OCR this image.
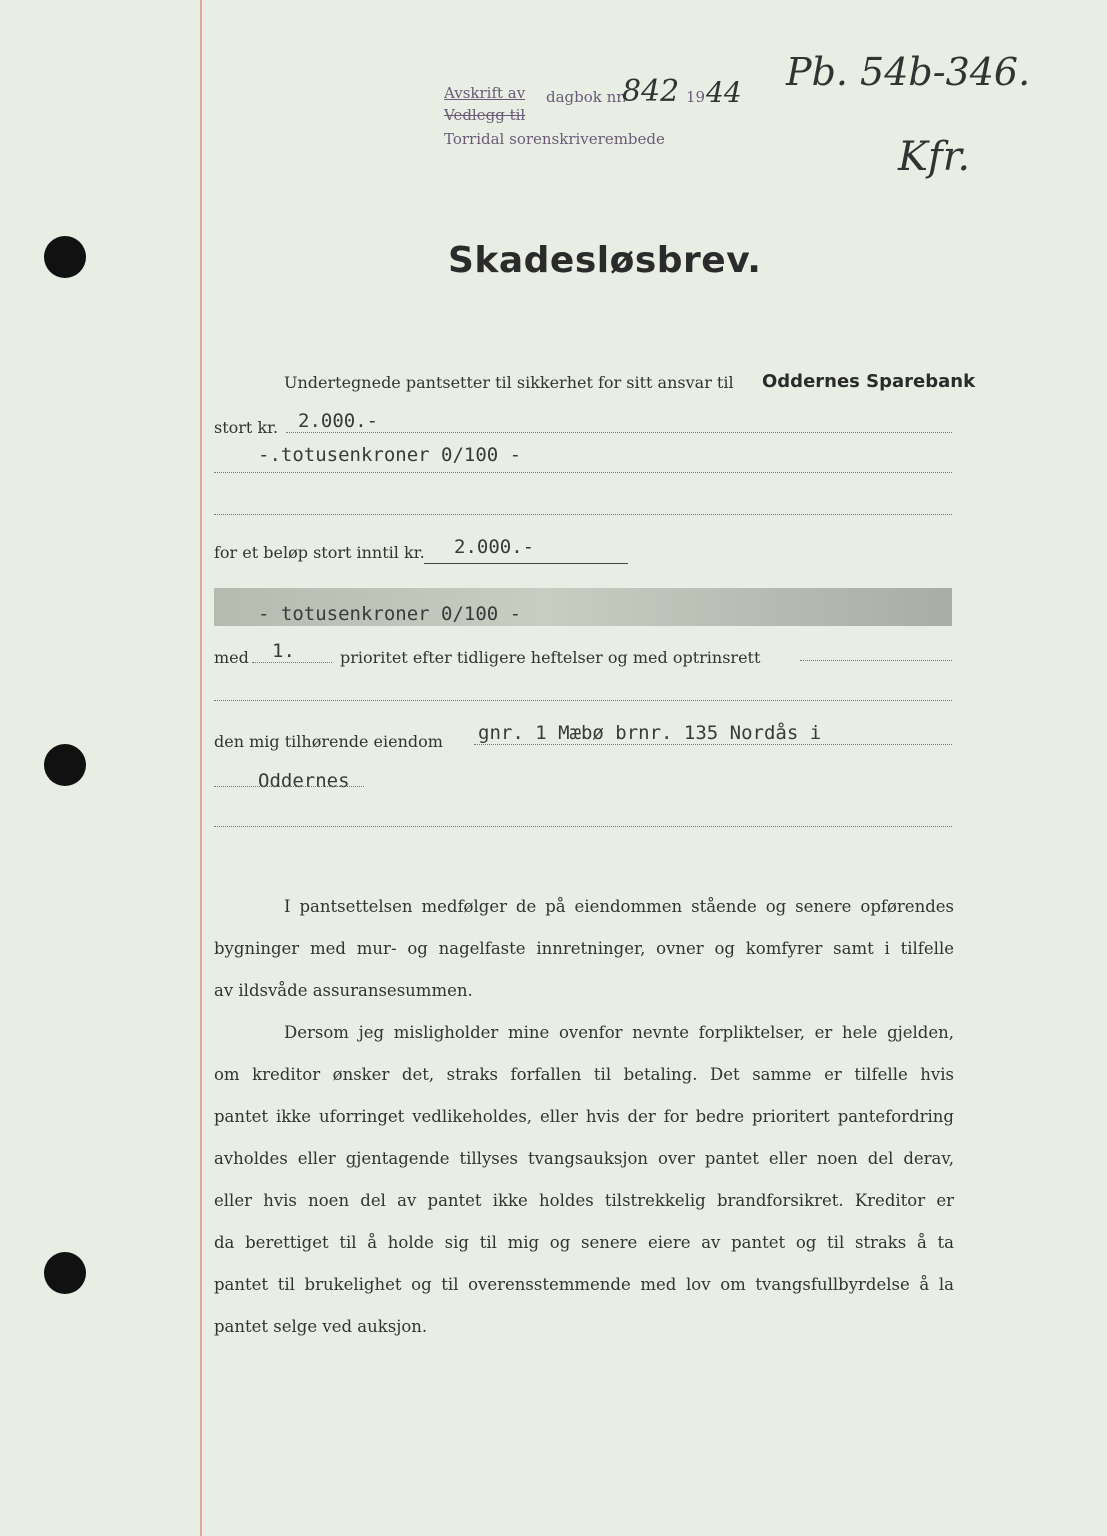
Avskrift av dagbok nr.
Vedlegg til
Torridal sorenskriverembede
842 19 44 Pb. 54b-346.
Kfr.
Skadesløsbrev.
Undertegnede pantsetter til sikkerhet for sitt ansvar til Oddernes Sparebank
stort kr. 2.000.-
-.totusenkroner 0/100 -
for et beløp stort inntil kr. 2.000.-
- totusenkroner 0/100 -
med 1.	prioritet efter tidligere heftelser og med optrinsrett
den mig tilhørende eiendom gnr. 1 Mæbø brnr. 135 Nordås i
Oddernes

I pantsettelsen medfølger de på eiendommen stående og senere opførendes

bygninger med mur- og nagelfaste innretninger, ovner og komfyrer samt i tilfelle

av ildsvåde assuransesummen.

Dersom jeg misligholder mine ovenfor nevnte forpliktelser, er hele gjelden,

om kreditor ønsker det, straks forfallen til betaling. Det samme er tilfelle hvis

pantet ikke uforringet vedlikeholdes, eller hvis der for bedre prioritert pantefordring

avholdes eller gjentagende tillyses tvangsauksjon over pantet eller noen del derav,

eller hvis noen del av pantet ikke holdes tilstrekkelig brandforsikret. Kreditor er

da berettiget til å holde sig til mig og senere eiere av pantet og til straks å ta

pantet til brukelighet og til overensstemmende med lov om tvangsfullbyrdelse å la

pantet selge ved auksjon.
